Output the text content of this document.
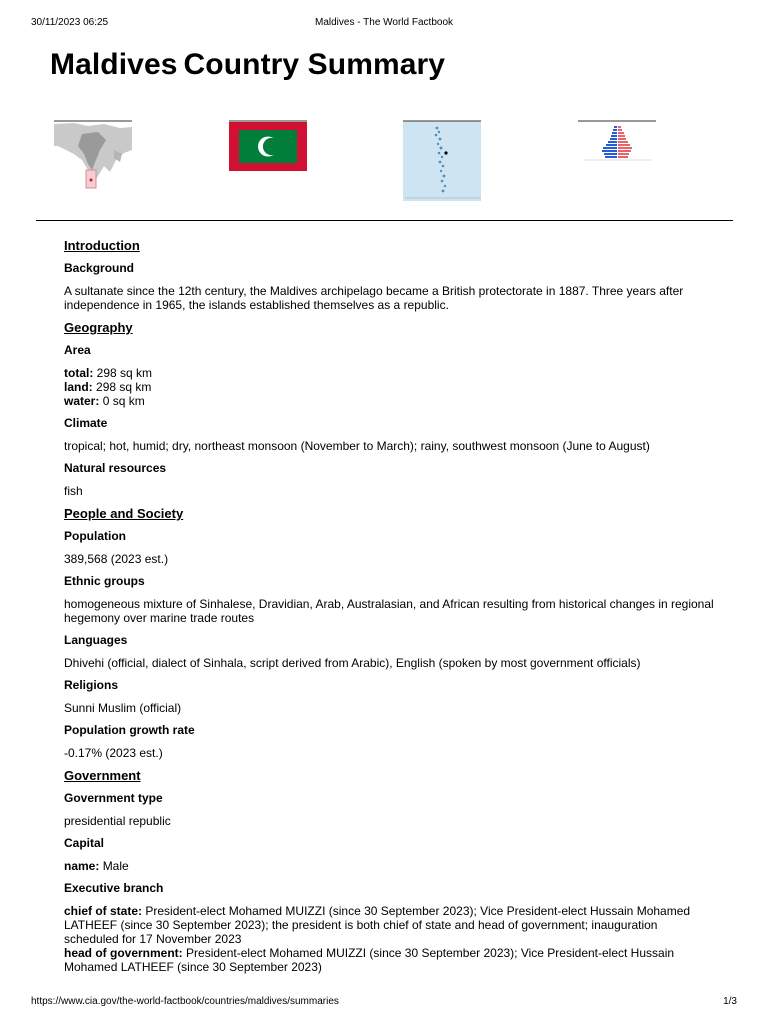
30/11/2023 06:25	Maldives - The World Factbook
Maldives Country Summary
Introduction
Background

A sultanate since the 12th century, the Maldives archipelago became a British protectorate in 1887. Three years after independence in 1965, the islands established themselves as a republic.

Geography
Area

total: 298 sq km

land: 298 sq km

water: 0 sq km

Climate

tropical; hot, humid; dry, northeast monsoon (November to March); rainy, southwest monsoon (June to August)

Natural resources

fish

People and Society
Population

389,568 (2023 est.)

Ethnic groups

homogeneous mixture of Sinhalese, Dravidian, Arab, Australasian, and African resulting from historical changes in regional hegemony over marine trade routes

Languages

Dhivehi (official, dialect of Sinhala, script derived from Arabic), English (spoken by most government officials)

Religions

Sunni Muslim (official)

Population growth rate

-0.17% (2023 est.)

Government
Government type

presidential republic

Capital

name: Male

Executive branch

chief of state: President-elect Mohamed MUIZZI (since 30 September 2023); Vice President-elect Hussain Mohamed LATHEEF (since 30 September 2023); the president is both chief of state and head of government; inauguration scheduled for 17 November 2023

head of government: President-elect Mohamed MUIZZI (since 30 September 2023); Vice President-elect Hussain Mohamed LATHEEF (since 30 September 2023)

https://www.cia.gov/the-world-factbook/countries/maldives/summaries	1/3
